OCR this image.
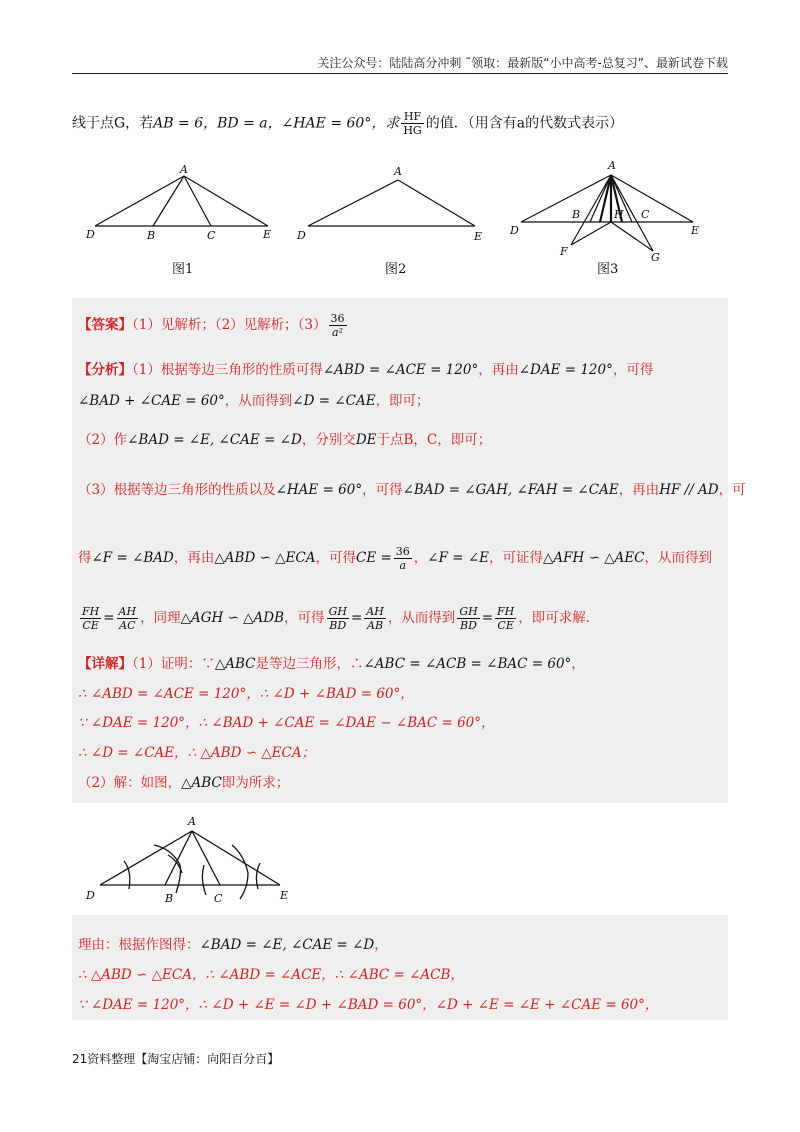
关注公众号：陆陆高分冲刺 ˜领取：最新版“小中高考-总复习”、最新试卷下载
线于点G，若AB = 6，BD = a，∠HAE = 60°，求 $\frac{HF}{HG}$ 的值．（用含有a的代数式表示）
A
D	B	C	E
图1
A
D	E
图2
A
D
B	H C
E
F	G
图3
【答案】（1）见解析；（2）见解析；$(3) \frac{36}{\text{a²}}$
【分析】（1）根据等边三角形的性质可得∠ABD = ∠ACE = 120°，再由∠DAE = 120°，可得
∠BAD + ∠CAE = 60°，从而得到∠D = ∠CAE，即可；
（2）作∠BAD = ∠E, ∠CAE = ∠D，分别交DE于点B，C，即可；
（3）根据等边三角形的性质以及∠HAE = 60°，可得∠BAD = ∠GAH, ∠FAH = ∠CAE，再由HF // AD，可
得∠F = ∠BAD，再由△ABD ∽ △ECA，可得CE = $\frac{36}{a}$ ，∠F = ∠E，可证得△AFH ∽ △AEC，从而得到
$\frac{FH}{CE} = \frac{AH}{AC}$ ，同理△AGH ∽ △ADB，可得 $\frac{GH}{BD} = \frac{AH}{AB}$ ，从而得到 $\frac{GH}{BD} = \frac{FH}{CE}$ ，即可求解．
【详解】（1）证明：∵△ABC是等边三角形，∴∠ABC = ∠ACB = ∠BAC = 60°，
∴ ∠ABD = ∠ACE = 120°，∴ ∠D + ∠BAD = 60°，
∵ ∠DAE = 120°，∴ ∠BAD + ∠CAE = ∠DAE − ∠BAC = 60°，
∴ ∠D = ∠CAE，∴ △ABD ∽ △ECA；
（2）解：如图，△ABC即为所求；
A
D	B	C	E
理由：根据作图得：∠BAD = ∠E, ∠CAE = ∠D，
∴ △ABD ∽ △ECA，∴ ∠ABD = ∠ACE，∴ ∠ABC = ∠ACB，
∵ ∠DAE = 120°，∴ ∠D + ∠E = ∠D + ∠BAD = 60°，∠D + ∠E = ∠E + ∠CAE = 60°，
21资料整理【淘宝店铺：向阳百分百】
